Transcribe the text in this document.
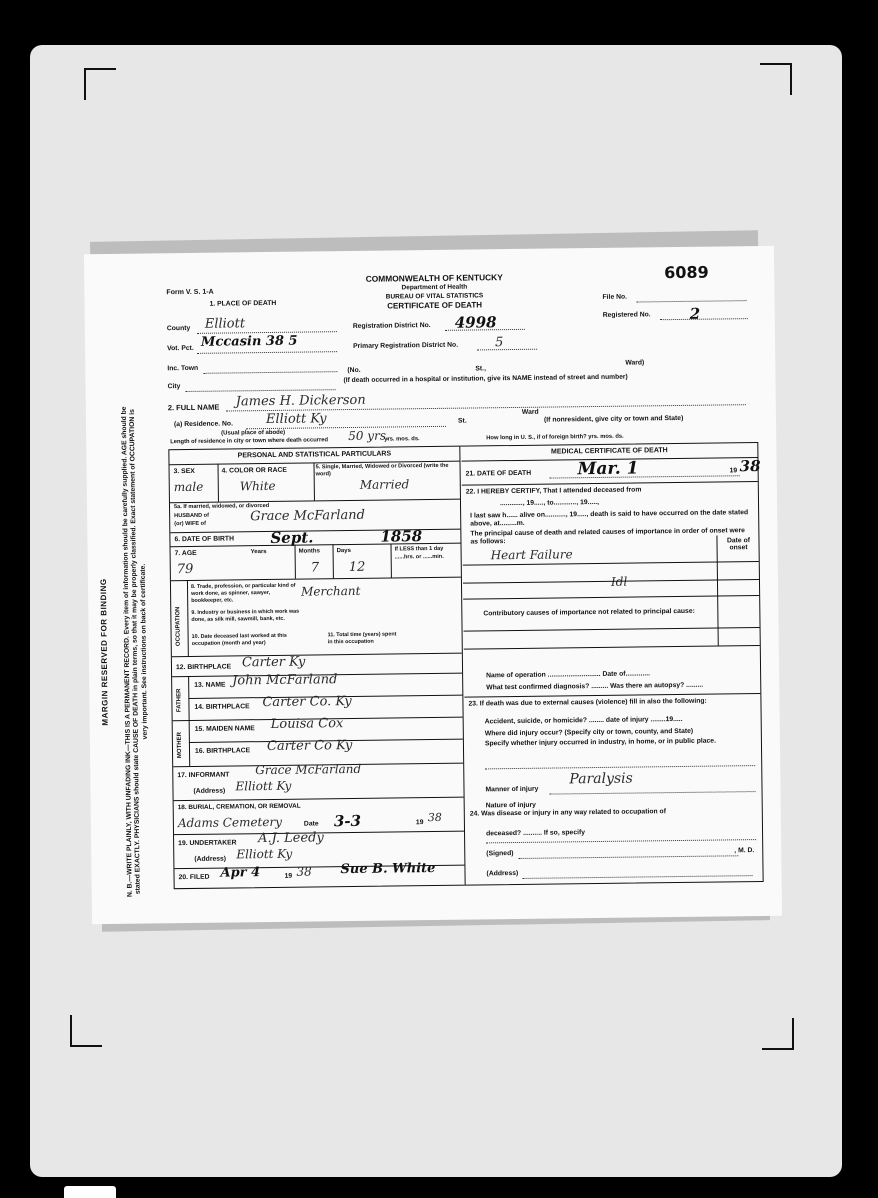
MARGIN RESERVED FOR BINDING	N. B.—WRITE PLAINLY, WITH UNFADING INK—THIS IS A PERMANENT RECORD. Every item of information should be carefully supplied. AGE should be stated EXACTLY. PHYSICIANS should state CAUSE OF DEATH in plain terms, so that it may be properly classified. Exact statement of OCCUPATION is very important. See instructions on back of certificate.
Form V. S. 1-A
COMMONWEALTH OF KENTUCKY
Department of Health
BUREAU OF VITAL STATISTICS
CERTIFICATE OF DEATH
6089
File No.
Registered No.	2
1. PLACE OF DEATH
County Elliott
Vot. Pct. Mccasin 38 5
Inc. Town
City
Registration District No. 4998
Primary Registration District No.	5
(No.	St.,
Ward)
(If death occurred in a hospital or institution, give its NAME instead of street and number)
2. FULL NAME James H. Dickerson
(a) Residence. No.	Elliott Ky
(Usual place of abode)
St.
Ward
(If nonresident, give city or town and State)
Length of residence in city or town where death occurred 50 yrs.
yrs. mos. ds.	How long in U. S., if of foreign birth? yrs. mos. ds.
PERSONAL AND STATISTICAL PARTICULARS
3. SEX	4. COLOR OR RACE
5. Single, Married, Widowed or Divorced (write the word)
male	White	Married
5a. If married, widowed, or divorced
HUSBAND of
(or) WIFE of	Grace McFarland
6. DATE OF BIRTH Sept.	1858
7. AGE	Years	Months	Days	If LESS than 1 day ......hrs. or ......min.
79	7 12
OCCUPATION
8. Trade, profession, or particular kind of work done, as spinner, sawyer, bookkeeper, etc.
Merchant
9. Industry or business in which work was done, as silk mill, sawmill, bank, etc.
10. Date deceased last worked at this occupation (month and year)
11. Total time (years) spent in this occupation
12. BIRTHPLACE Carter Ky
FATHER
13. NAME John McFarland
14. BIRTHPLACE Carter Co. Ky
MOTHER
15. MAIDEN NAME Louisa Cox
16. BIRTHPLACE Carter Co Ky
17. INFORMANT Grace McFarland
(Address) Elliott Ky
18. BURIAL, CREMATION, OR REMOVAL
Adams Cemetery	Date 3-3	19 38
19. UNDERTAKER A.J. Leedy
(Address) Elliott Ky
20. FILED Apr 4	19 38 Sue B. White
MEDICAL CERTIFICATE OF DEATH
21. DATE OF DEATH	Mar. 1	19 38
22. I HEREBY CERTIFY, That I attended deceased from
............, 19....., to............, 19.....,
I last saw h...... alive on..........., 19....., death is said to have occurred on the date stated above, at.........m.
The principal cause of death and related causes of importance in order of onset were as follows:	Date of onset
Heart Failure
Idl
Contributory causes of importance not related to principal cause:
Name of operation ............................ Date of.............
What test confirmed diagnosis? ......... Was there an autopsy? .........
23. If death was due to external causes (violence) fill in also the following:
Accident, suicide, or homicide? ........ date of injury ........19.....
Where did injury occur? (Specify city or town, county, and State)
Specify whether injury occurred in industry, in home, or in public place.
Manner of injury
Paralysis
Nature of injury
24. Was disease or injury in any way related to occupation of
deceased? .......... If so, specify
(Signed)	, M. D.
(Address)
